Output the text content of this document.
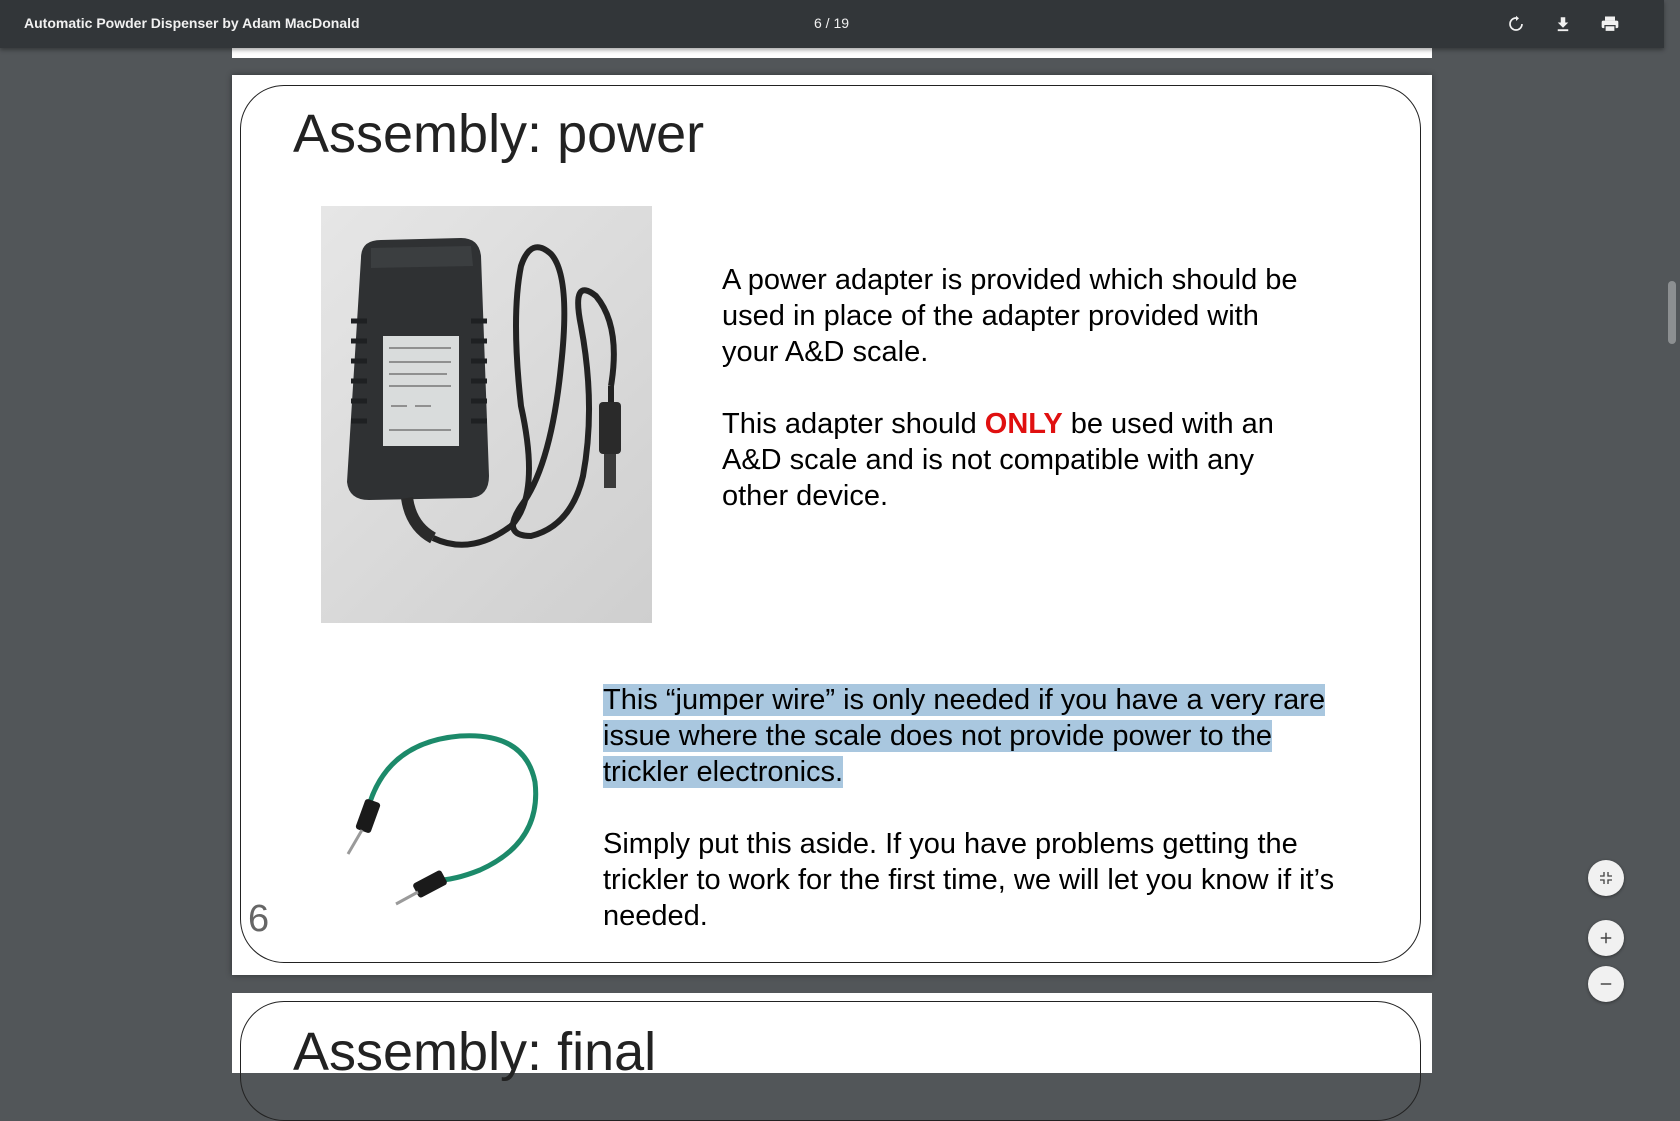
Automatic Powder Dispenser by Adam MacDonald	6 / 19
Assembly: power

A power adapter is provided which should be used in place of the adapter provided with your A&D scale.

This adapter should ONLY be used with an A&D scale and is not compatible with any other device.

This “jumper wire” is only needed if you have a very rare issue where the scale does not provide power to the trickler electronics.

Simply put this aside. If you have problems getting the trickler to work for the first time, we will let you know if it’s needed.

6
Assembly: final
